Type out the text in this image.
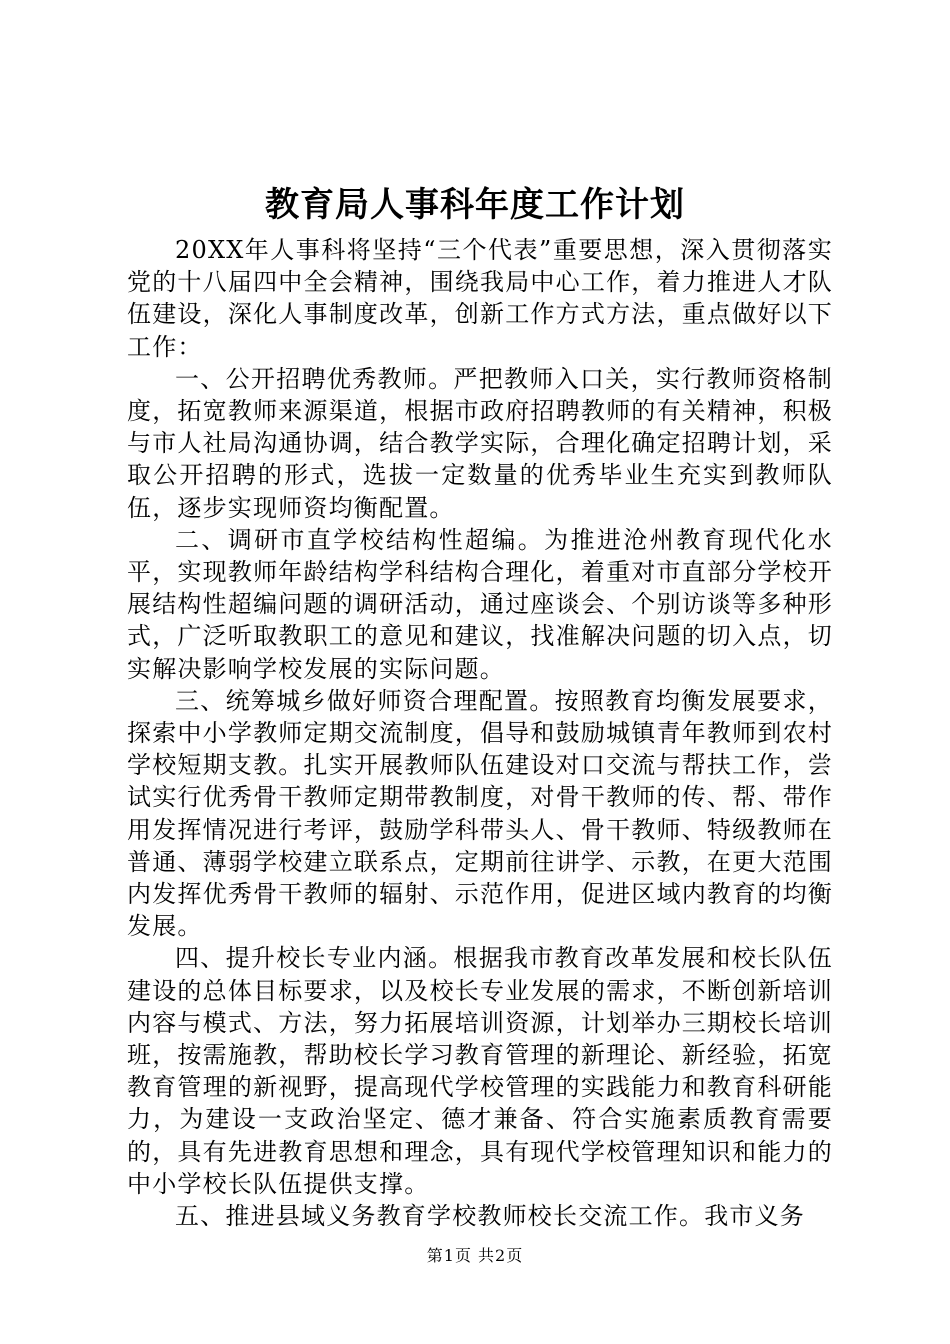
教育局人事科年度工作计划

20XX年人事科将坚持“三个代表”重要思想，深入贯彻落实党的十八届四中全会精神，围绕我局中心工作，着力推进人才队伍建设，深化人事制度改革，创新工作方式方法，重点做好以下工作：

一、公开招聘优秀教师。严把教师入口关，实行教师资格制度，拓宽教师来源渠道，根据市政府招聘教师的有关精神，积极与市人社局沟通协调，结合教学实际，合理化确定招聘计划，采取公开招聘的形式，选拔一定数量的优秀毕业生充实到教师队伍，逐步实现师资均衡配置。

二、调研市直学校结构性超编。为推进沧州教育现代化水平，实现教师年龄结构学科结构合理化，着重对市直部分学校开展结构性超编问题的调研活动，通过座谈会、个别访谈等多种形式，广泛听取教职工的意见和建议，找准解决问题的切入点，切实解决影响学校发展的实际问题。

三、统筹城乡做好师资合理配置。按照教育均衡发展要求，探索中小学教师定期交流制度，倡导和鼓励城镇青年教师到农村学校短期支教。扎实开展教师队伍建设对口交流与帮扶工作，尝试实行优秀骨干教师定期带教制度，对骨干教师的传、帮、带作用发挥情况进行考评，鼓励学科带头人、骨干教师、特级教师在普通、薄弱学校建立联系点，定期前往讲学、示教，在更大范围内发挥优秀骨干教师的辐射、示范作用，促进区域内教育的均衡发展。

四、提升校长专业内涵。根据我市教育改革发展和校长队伍建设的总体目标要求，以及校长专业发展的需求，不断创新培训内容与模式、方法，努力拓展培训资源，计划举办三期校长培训班，按需施教，帮助校长学习教育管理的新理论、新经验，拓宽教育管理的新视野，提高现代学校管理的实践能力和教育科研能力，为建设一支政治坚定、德才兼备、符合实施素质教育需要的，具有先进教育思想和理念，具有现代学校管理知识和能力的中小学校长队伍提供支撑。

五、推进县域义务教育学校教师校长交流工作。我市义务

第1页 共2页
